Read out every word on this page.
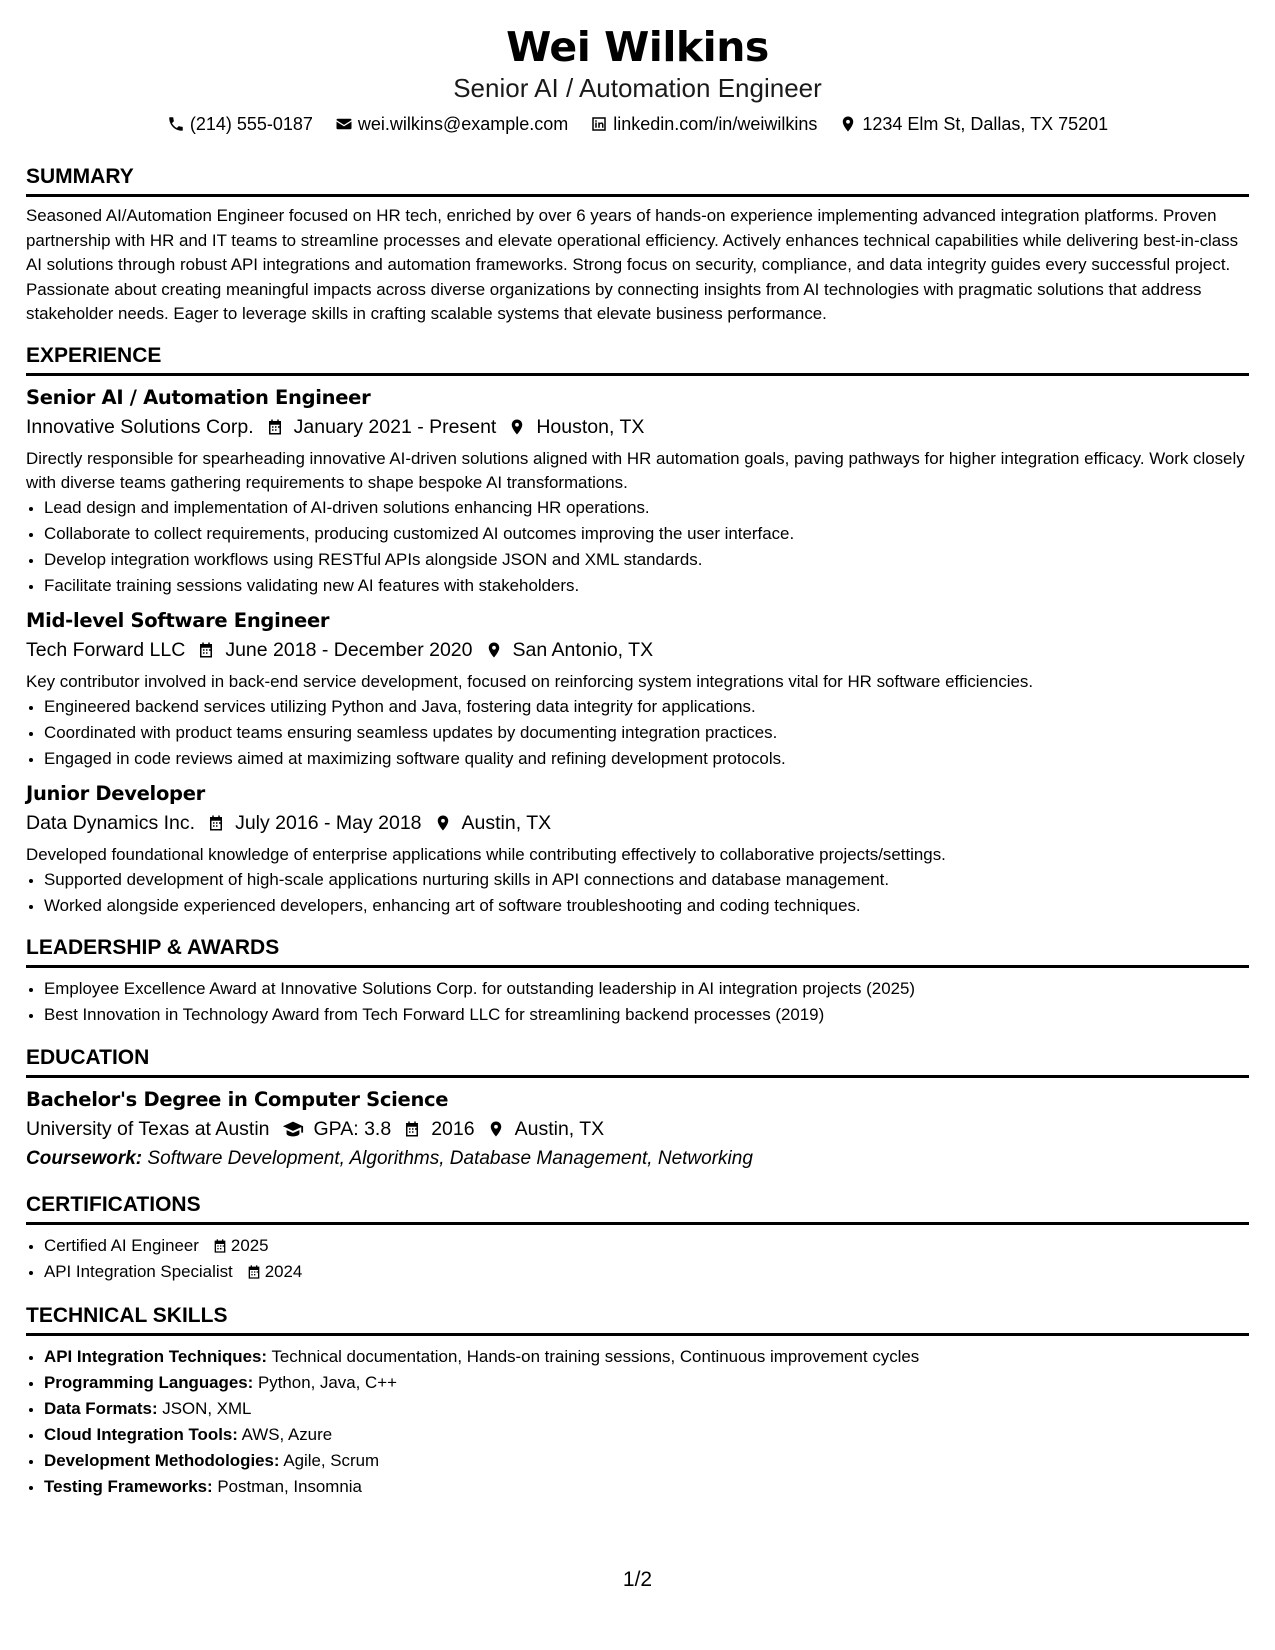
Wei Wilkins
Senior AI / Automation Engineer
(214) 555-0187	wei.wilkins@example.com	linkedin.com/in/weiwilkins	1234 Elm St, Dallas, TX 75201
SUMMARY
Seasoned AI/Automation Engineer focused on HR tech, enriched by over 6 years of hands-on experience implementing advanced integration platforms. Proven partnership with HR and IT teams to streamline processes and elevate operational efficiency. Actively enhances technical capabilities while delivering best-in-class AI solutions through robust API integrations and automation frameworks. Strong focus on security, compliance, and data integrity guides every successful project. Passionate about creating meaningful impacts across diverse organizations by connecting insights from AI technologies with pragmatic solutions that address stakeholder needs. Eager to leverage skills in crafting scalable systems that elevate business performance.
EXPERIENCE
Senior AI / Automation Engineer
Innovative Solutions Corp. January 2021 - Present Houston, TX
Directly responsible for spearheading innovative AI-driven solutions aligned with HR automation goals, paving pathways for higher integration efficacy. Work closely with diverse teams gathering requirements to shape bespoke AI transformations.
• Lead design and implementation of AI-driven solutions enhancing HR operations.
• Collaborate to collect requirements, producing customized AI outcomes improving the user interface.
• Develop integration workflows using RESTful APIs alongside JSON and XML standards.
• Facilitate training sessions validating new AI features with stakeholders.
Mid-level Software Engineer
Tech Forward LLC June 2018 - December 2020 San Antonio, TX
Key contributor involved in back-end service development, focused on reinforcing system integrations vital for HR software efficiencies.
• Engineered backend services utilizing Python and Java, fostering data integrity for applications.
• Coordinated with product teams ensuring seamless updates by documenting integration practices.
• Engaged in code reviews aimed at maximizing software quality and refining development protocols.
Junior Developer
Data Dynamics Inc. July 2016 - May 2018 Austin, TX
Developed foundational knowledge of enterprise applications while contributing effectively to collaborative projects/settings.
• Supported development of high-scale applications nurturing skills in API connections and database management.
• Worked alongside experienced developers, enhancing art of software troubleshooting and coding techniques.
LEADERSHIP & AWARDS
• Employee Excellence Award at Innovative Solutions Corp. for outstanding leadership in AI integration projects (2025)
• Best Innovation in Technology Award from Tech Forward LLC for streamlining backend processes (2019)
EDUCATION
Bachelor's Degree in Computer Science
University of Texas at Austin GPA: 3.8 2016 Austin, TX
Coursework: Software Development, Algorithms, Database Management, Networking
CERTIFICATIONS
• Certified AI Engineer 2025
• API Integration Specialist 2024
TECHNICAL SKILLS
• API Integration Techniques: Technical documentation, Hands-on training sessions, Continuous improvement cycles
• Programming Languages: Python, Java, C++
• Data Formats: JSON, XML
• Cloud Integration Tools: AWS, Azure
• Development Methodologies: Agile, Scrum
• Testing Frameworks: Postman, Insomnia
1/2
